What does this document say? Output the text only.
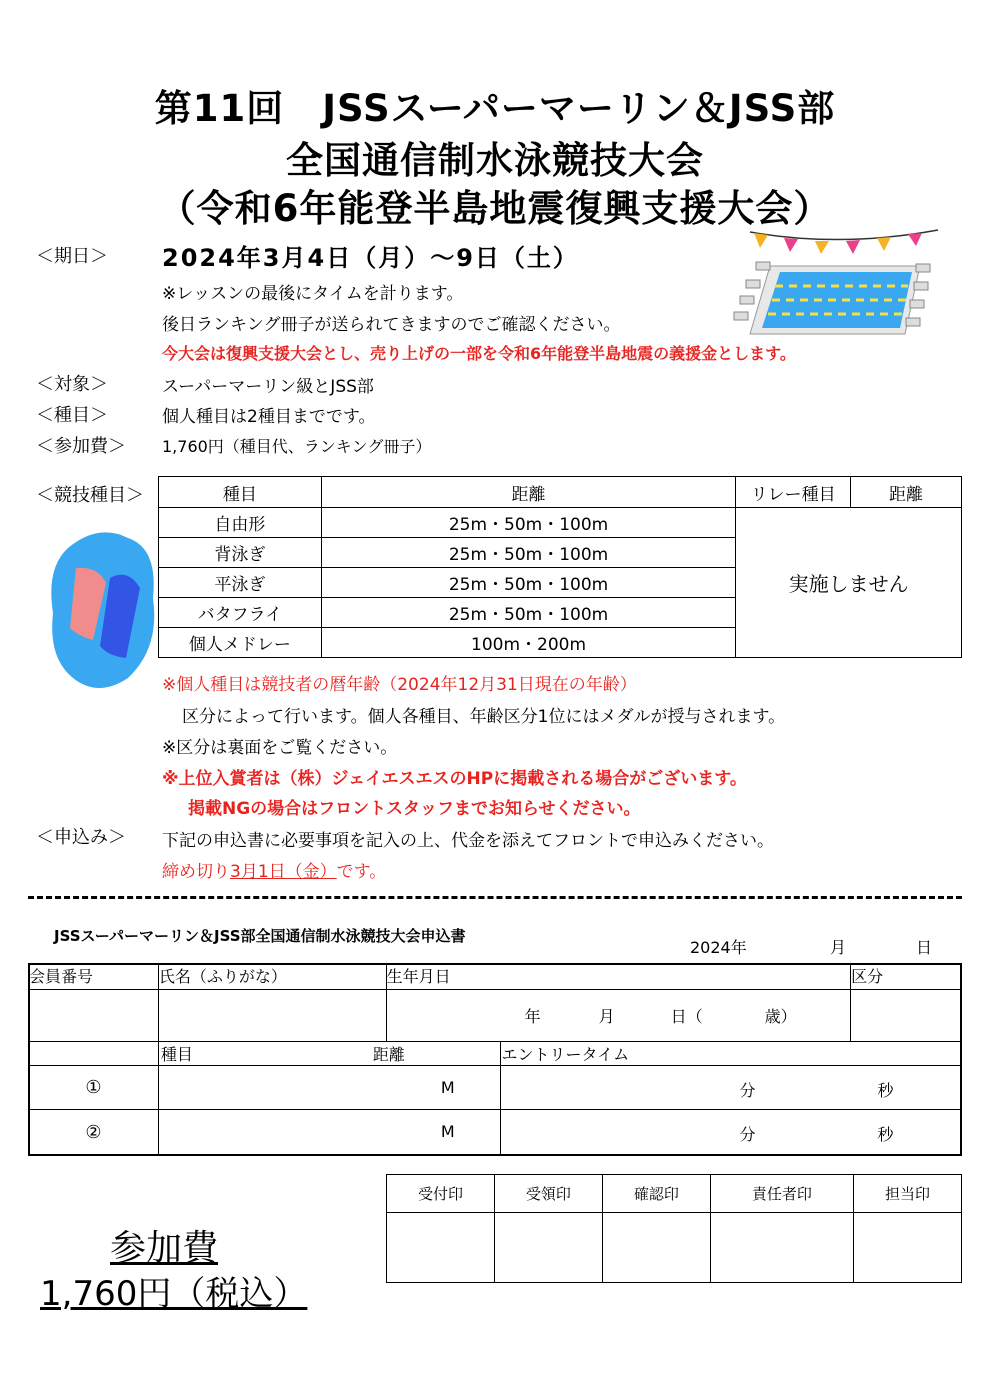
第11回　JSSスーパーマーリン＆JSS部
全国通信制水泳競技大会
（令和6年能登半島地震復興支援大会）
＜期日＞ 2024年3月4日（月）～9日（土）
※レッスンの最後にタイムを計ります。
後日ランキング冊子が送られてきますのでご確認ください。
今大会は復興支援大会とし、売り上げの一部を令和6年能登半島地震の義援金とします。
＜対象＞	スーパーマーリン級とJSS部
＜種目＞	個人種目は2種目までです。
＜参加費＞ 1,760円（種目代、ランキング冊子）
＜競技種目＞	種目	距離	リレー種目	距離
自由形	25m・50m・100m	実施しません	
背泳ぎ	25m・50m・100m		
平泳ぎ	25m・50m・100m		
バタフライ	25m・50m・100m		
個人メドレー	100m・200m		
※個人種目は競技者の暦年齢（2024年12月31日現在の年齢）
区分によって行います。個人各種目、年齢区分1位にはメダルが授与されます。
※区分は裏面をご覧ください。
※上位入賞者は（株）ジェイエスエスのHPに掲載される場合がございます。
掲載NGの場合はフロントスタッフまでお知らせください。
＜申込み＞ 下記の申込書に必要事項を記入の上、代金を添えてフロントで申込みください。
締め切り3月1日（金）です。
JSSスーパーマーリン＆JSS部全国通信制水泳競技大会申込書
2024年	月	日
会員番号	氏名（ふりがな）	生年月日		区分

		年 月 日（ 歳）		

	種目 距離		エントリータイム	
①	M		分 秒	

②	M		分 秒	
受付印	受領印	確認印	責任者印	担当印

参加費
1,760円（税込）
